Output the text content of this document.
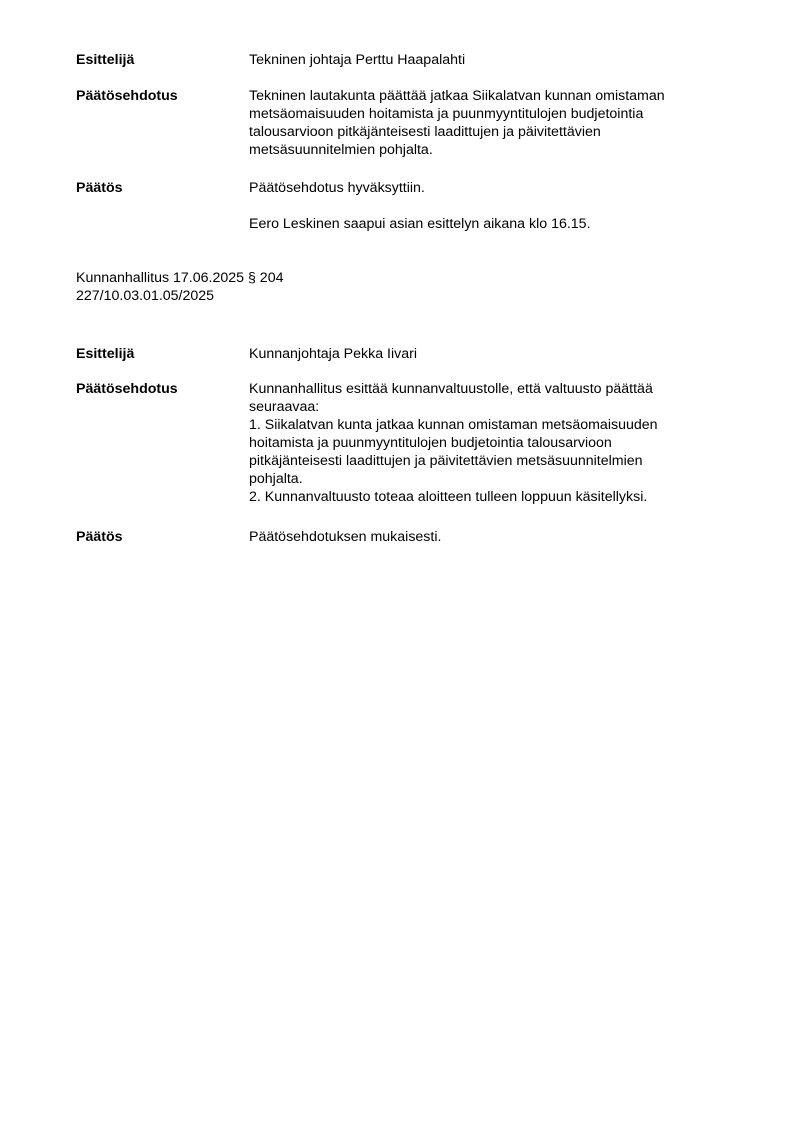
Esittelijä	Tekninen johtaja Perttu Haapalahti
Päätösehdotus	Tekninen lautakunta päättää jatkaa Siikalatvan kunnan omistaman
metsäomaisuuden hoitamista ja puunmyyntitulojen budjetointia
talousarvioon pitkäjänteisesti laadittujen ja päivitettävien
metsäsuunnitelmien pohjalta.
Päätös	Päätösehdotus hyväksyttiin.
Eero Leskinen saapui asian esittelyn aikana klo 16.15.
Kunnanhallitus 17.06.2025 § 204
227/10.03.01.05/2025
Esittelijä	Kunnanjohtaja Pekka Iivari
Päätösehdotus	Kunnanhallitus esittää kunnanvaltuustolle, että valtuusto päättää
seuraavaa:
1. Siikalatvan kunta jatkaa kunnan omistaman metsäomaisuuden
hoitamista ja puunmyyntitulojen budjetointia talousarvioon
pitkäjänteisesti laadittujen ja päivitettävien metsäsuunnitelmien
pohjalta.
2. Kunnanvaltuusto toteaa aloitteen tulleen loppuun käsitellyksi.
Päätös	Päätösehdotuksen mukaisesti.
